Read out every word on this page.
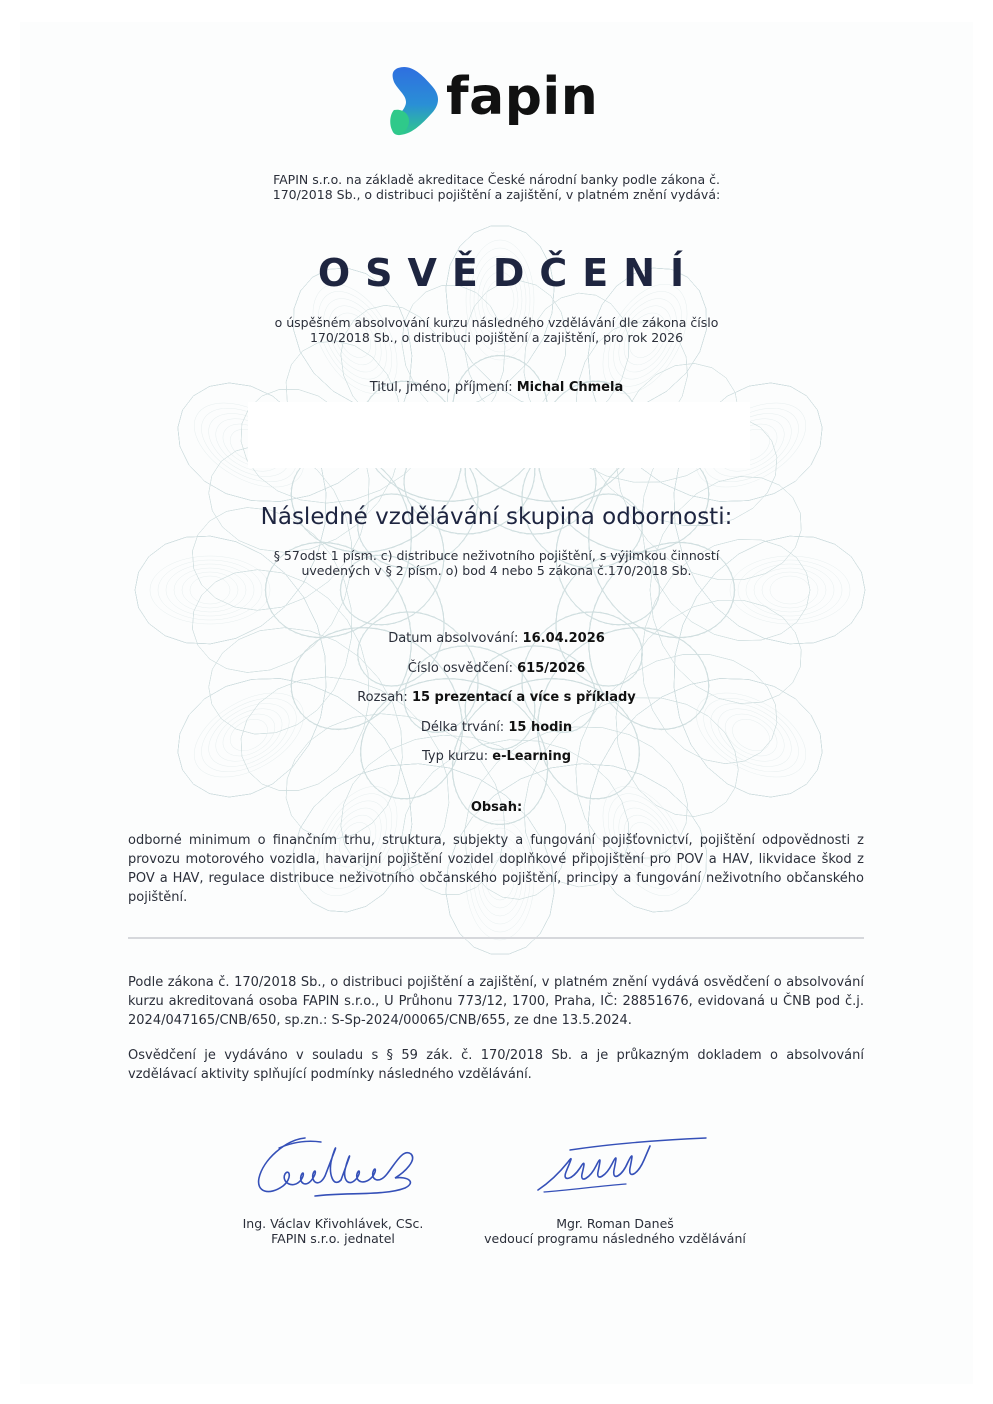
fapin
FAPIN s.r.o. na základě akreditace České národní banky podle zákona č.
170/2018 Sb., o distribuci pojištění a zajištění, v platném znění vydává:
OSVĚDČENÍ
o úspěšném absolvování kurzu následného vzdělávání dle zákona číslo
170/2018 Sb., o distribuci pojištění a zajištění, pro rok 2026
Titul, jméno, příjmení: Michal Chmela
Následné vzdělávání skupina odbornosti:
§ 57odst 1 písm. c) distribuce neživotního pojištění, s výjimkou činností
uvedených v § 2 písm. o) bod 4 nebo 5 zákona č.170/2018 Sb.
Datum absolvování: 16.04.2026
Číslo osvědčení: 615/2026
Rozsah: 15 prezentací a více s příklady
Délka trvání: 15 hodin
Typ kurzu: e-Learning
Obsah:
odborné minimum o finančním trhu, struktura, subjekty a fungování pojišťovnictví, pojištění odpovědnosti z provozu motorového vozidla, havarijní pojištění vozidel doplňkové připojištění pro POV a HAV, likvidace škod z POV a HAV, regulace distribuce neživotního občanského pojištění, principy a fungování neživotního občanského pojištění.
Podle zákona č. 170/2018 Sb., o distribuci pojištění a zajištění, v platném znění vydává osvědčení o absolvování kurzu akreditovaná osoba FAPIN s.r.o., U Průhonu 773/12, 1700, Praha, IČ: 28851676, evidovaná u ČNB pod č.j. 2024/047165/CNB/650, sp.zn.: S-Sp-2024/00065/CNB/655, ze dne 13.5.2024.
Osvědčení je vydáváno v souladu s § 59 zák. č. 170/2018 Sb. a je průkazným dokladem o absolvování vzdělávací aktivity splňující podmínky následného vzdělávání.
Ing. Václav Křivohlávek, CSc.
FAPIN s.r.o. jednatel
Mgr. Roman Daneš
vedoucí programu následného vzdělávání
